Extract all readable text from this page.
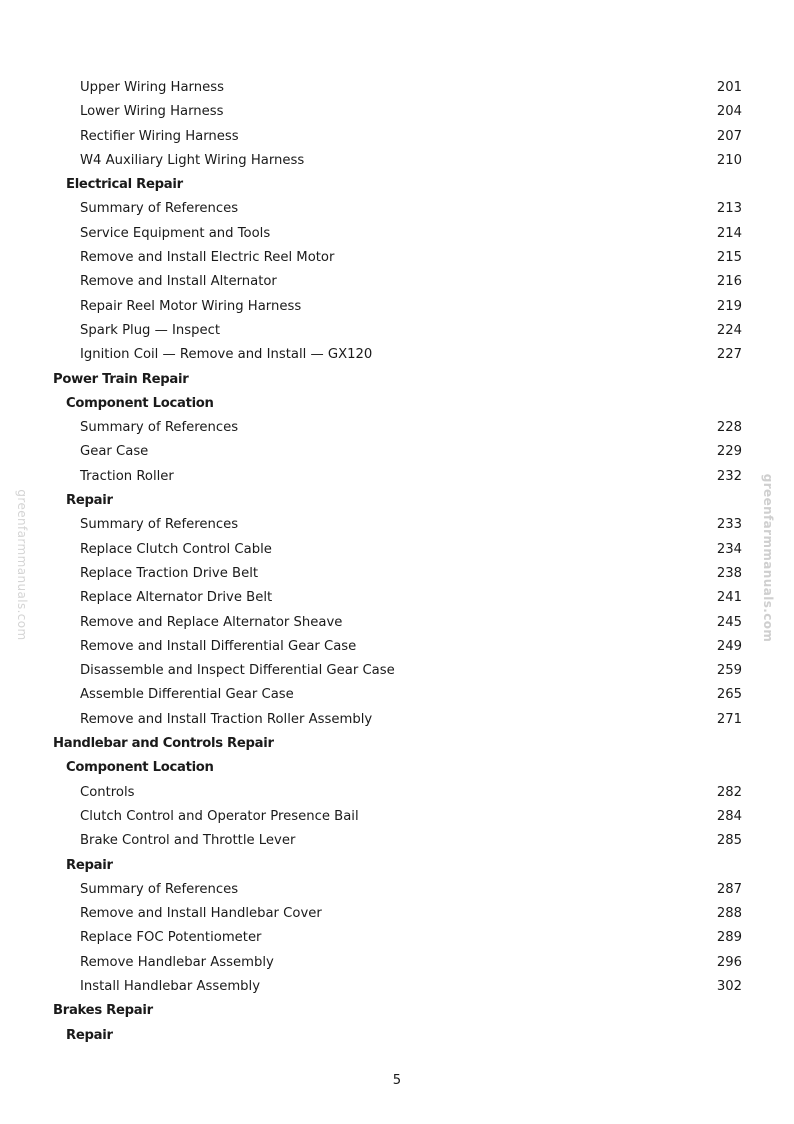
greenfarmmanuals.com	greenfarmmanuals.com
Upper Wiring Harness	201
Lower Wiring Harness	204
Rectifier Wiring Harness	207
W4 Auxiliary Light Wiring Harness	210
Electrical Repair
Summary of References	213
Service Equipment and Tools	214
Remove and Install Electric Reel Motor	215
Remove and Install Alternator	216
Repair Reel Motor Wiring Harness	219
Spark Plug — Inspect	224
Ignition Coil — Remove and Install — GX120	227
Power Train Repair
Component Location
Summary of References	228
Gear Case	229
Traction Roller	232
Repair
Summary of References	233
Replace Clutch Control Cable	234
Replace Traction Drive Belt	238
Replace Alternator Drive Belt	241
Remove and Replace Alternator Sheave	245
Remove and Install Differential Gear Case	249
Disassemble and Inspect Differential Gear Case	259
Assemble Differential Gear Case	265
Remove and Install Traction Roller Assembly	271
Handlebar and Controls Repair
Component Location
Controls	282
Clutch Control and Operator Presence Bail	284
Brake Control and Throttle Lever	285
Repair
Summary of References	287
Remove and Install Handlebar Cover	288
Replace FOC Potentiometer	289
Remove Handlebar Assembly	296
Install Handlebar Assembly	302
Brakes Repair
Repair
5
